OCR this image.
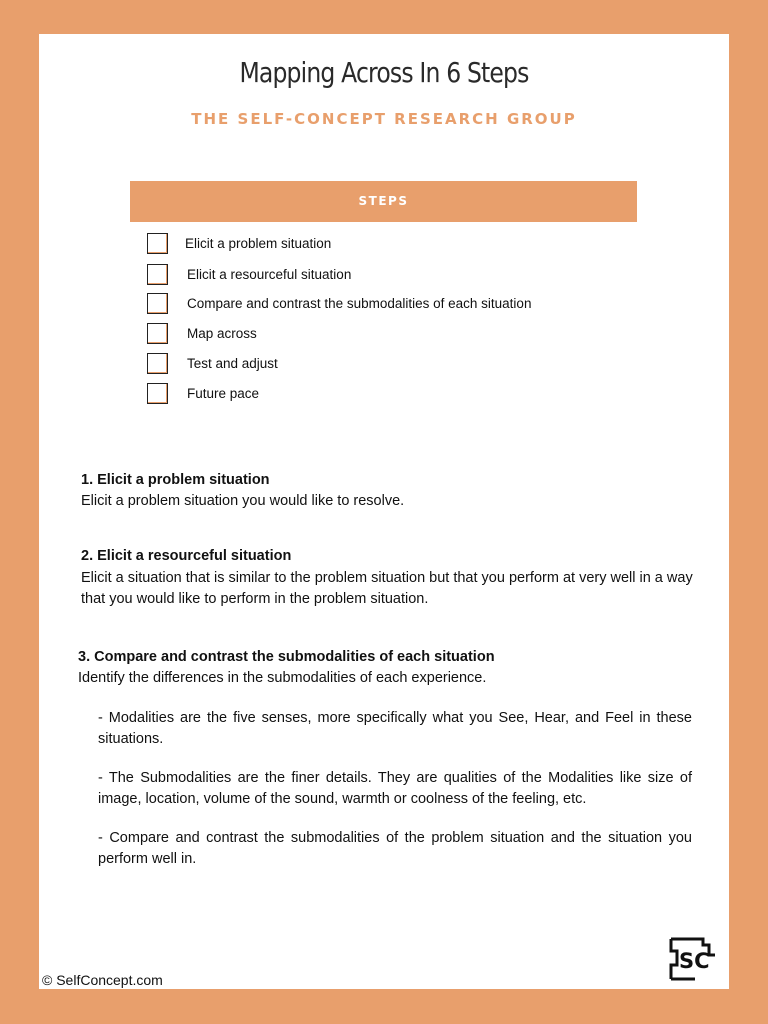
Mapping Across In 6 Steps
THE SELF-CONCEPT RESEARCH GROUP
STEPS
Elicit a problem situation
Elicit a resourceful situation
Compare and contrast the submodalities of each situation
Map across
Test and adjust
Future pace
1. Elicit a problem situation
Elicit a problem situation you would like to resolve.
2. Elicit a resourceful situation
Elicit a situation that is similar to the problem situation but that you perform at very well in a way that you would like to perform in the problem situation.
3. Compare and contrast the submodalities of each situation
Identify the differences in the submodalities of each experience.
- Modalities are the five senses, more specifically what you See, Hear, and Feel in these situations.
- The Submodalities are the finer details. They are qualities of the Modalities like size of image, location, volume of the sound, warmth or coolness of the feeling, etc.
- Compare and contrast the submodalities of the problem situation and the situation you perform well in.
© SelfConcept.com
SC
